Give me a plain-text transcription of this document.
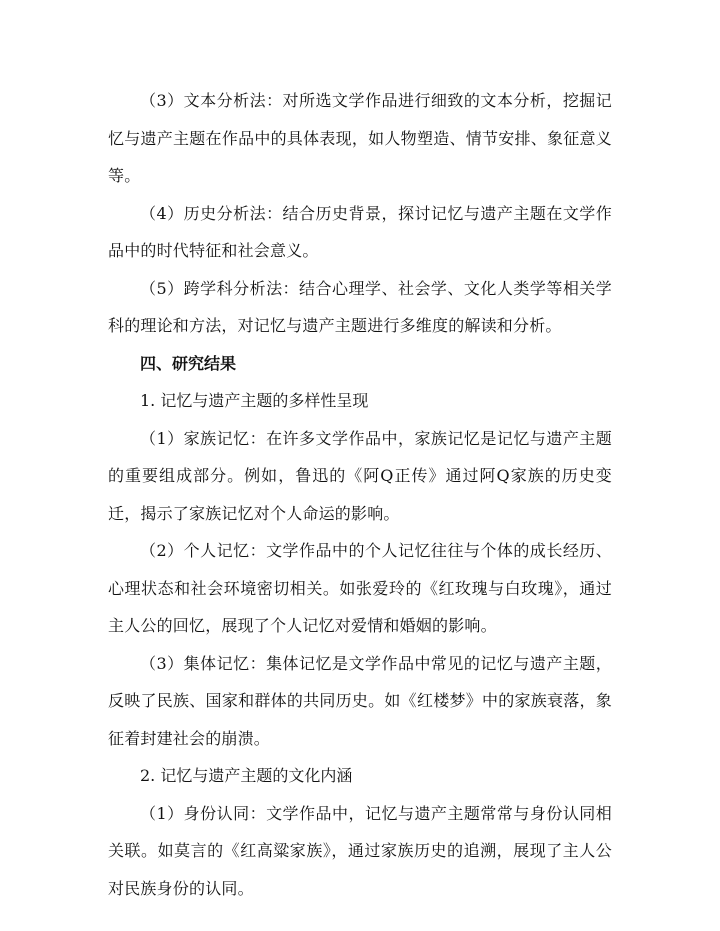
（3）文本分析法：对所选文学作品进行细致的文本分析，挖掘记忆与遗产主题在作品中的具体表现，如人物塑造、情节安排、象征意义等。

（4）历史分析法：结合历史背景，探讨记忆与遗产主题在文学作品中的时代特征和社会意义。

（5）跨学科分析法：结合心理学、社会学、文化人类学等相关学科的理论和方法，对记忆与遗产主题进行多维度的解读和分析。

四、研究结果

1. 记忆与遗产主题的多样性呈现

（1）家族记忆：在许多文学作品中，家族记忆是记忆与遗产主题的重要组成部分。例如，鲁迅的《阿Q正传》通过阿Q家族的历史变迁，揭示了家族记忆对个人命运的影响。

（2）个人记忆：文学作品中的个人记忆往往与个体的成长经历、心理状态和社会环境密切相关。如张爱玲的《红玫瑰与白玫瑰》，通过主人公的回忆，展现了个人记忆对爱情和婚姻的影响。

（3）集体记忆：集体记忆是文学作品中常见的记忆与遗产主题，反映了民族、国家和群体的共同历史。如《红楼梦》中的家族衰落，象征着封建社会的崩溃。

2. 记忆与遗产主题的文化内涵

（1）身份认同：文学作品中，记忆与遗产主题常常与身份认同相关联。如莫言的《红高粱家族》，通过家族历史的追溯，展现了主人公对民族身份的认同。
